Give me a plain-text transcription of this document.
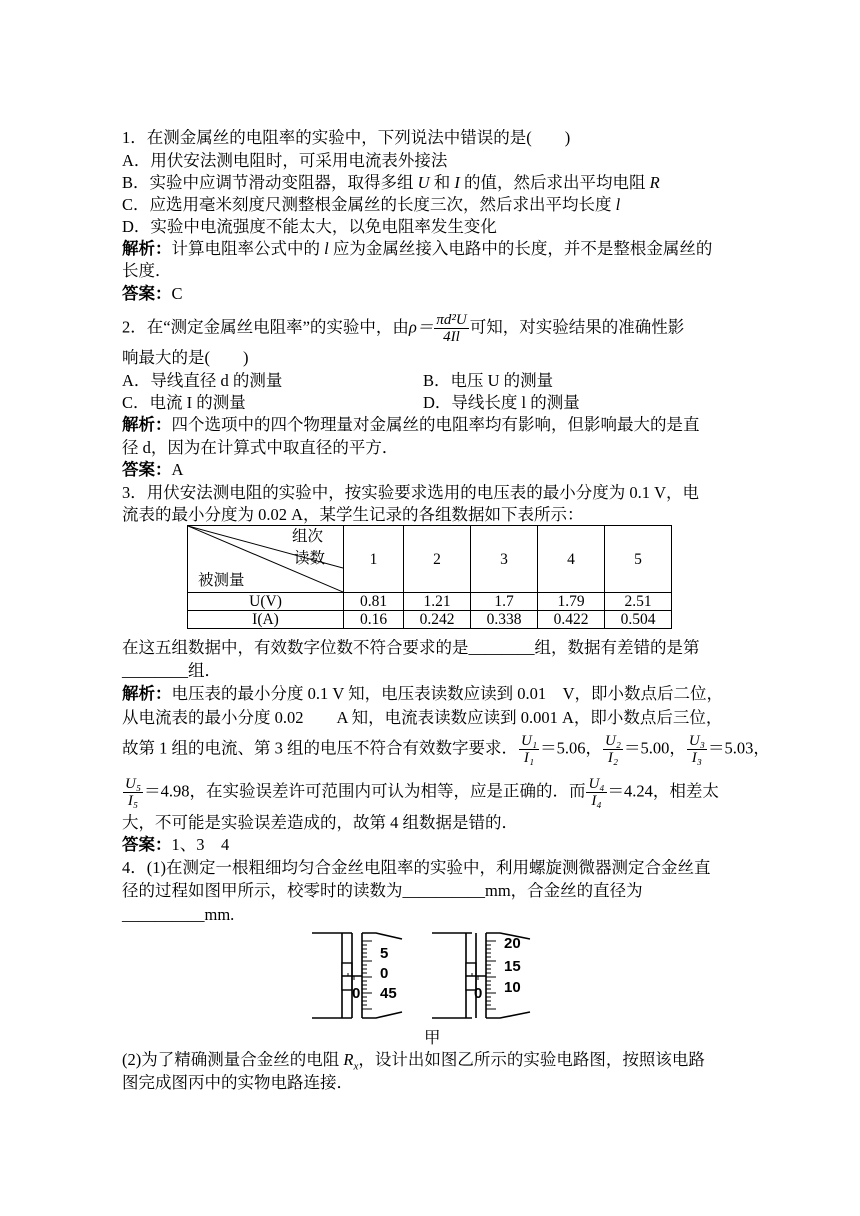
1．在测金属丝的电阻率的实验中，下列说法中错误的是(　　)
A．用伏安法测电阻时，可采用电流表外接法
B．实验中应调节滑动变阻器，取得多组 U 和 I 的值，然后求出平均电阻 R
C．应选用毫米刻度尺测整根金属丝的长度三次，然后求出平均长度 l
D．实验中电流强度不能太大，以免电阻率发生变化
解析：计算电阻率公式中的 l 应为金属丝接入电路中的长度，并不是整根金属丝的
长度．
答案：C
2．在“测定金属丝电阻率”的实验中，由$\rho= \frac{\text{πd²U}}{4Il}$ 可知，对实验结果的准确性影
响最大的是(　　)
A．导线直径 d 的测量	B．电压 U 的测量
C．电流 I 的测量	D．导线长度 l 的测量
解析：四个选项中的四个物理量对金属丝的电阻率均有影响，但影响最大的是直
径 d，因为在计算式中取直径的平方．
答案：A
3．用伏安法测电阻的实验中，按实验要求选用的电压表的最小分度为 0.1 V，电
流表的最小分度为 0.02 A，某学生记录的各组数据如下表所示：
组次
读数
被测量	1	2	3	4	5
U(V)	0.81	1.21	1.7	1.79	2.51
I(A)	0.16	0.242	0.338	0.422	0.504
在这五组数据中，有效数字位数不符合要求的是________组，数据有差错的是第
________组．
解析：电压表的最小分度 0.1 V 知，电压表读数应读到 0.01　V，即小数点后二位，
从电流表的最小分度 0.02　　A 知，电流表读数应读到 0.001 A，即小数点后三位，
故第 1 组的电流、第 3 组的电压不符合有效数字要求． $\frac{\text{U₁}}{\text{I₁}} =5.06$， $\frac{\text{U₂}}{\text{I₂}} =5.00$， $\frac{\text{U₃}}{\text{I₃}} =5.03$，
$\frac{\text{U₅}}{\text{I₅}} =4.98$，在实验误差许可范围内可认为相等，应是正确的．而 $\frac{\text{U₄}}{\text{I₄}} =4.24$，相差太
大，不可能是实验误差造成的，故第 4 组数据是错的．
答案：1、3　4
4．(1)在测定一根粗细均匀合金丝电阻率的实验中，利用螺旋测微器测定合金丝直
径的过程如图甲所示，校零时的读数为__________mm，合金丝的直径为
__________mm.
5
0
45
0
20
15
10
0
甲
(2)为了精确测量合金丝的电阻 $R_x$，设计出如图乙所示的实验电路图，按照该电路
图完成图丙中的实物电路连接．
